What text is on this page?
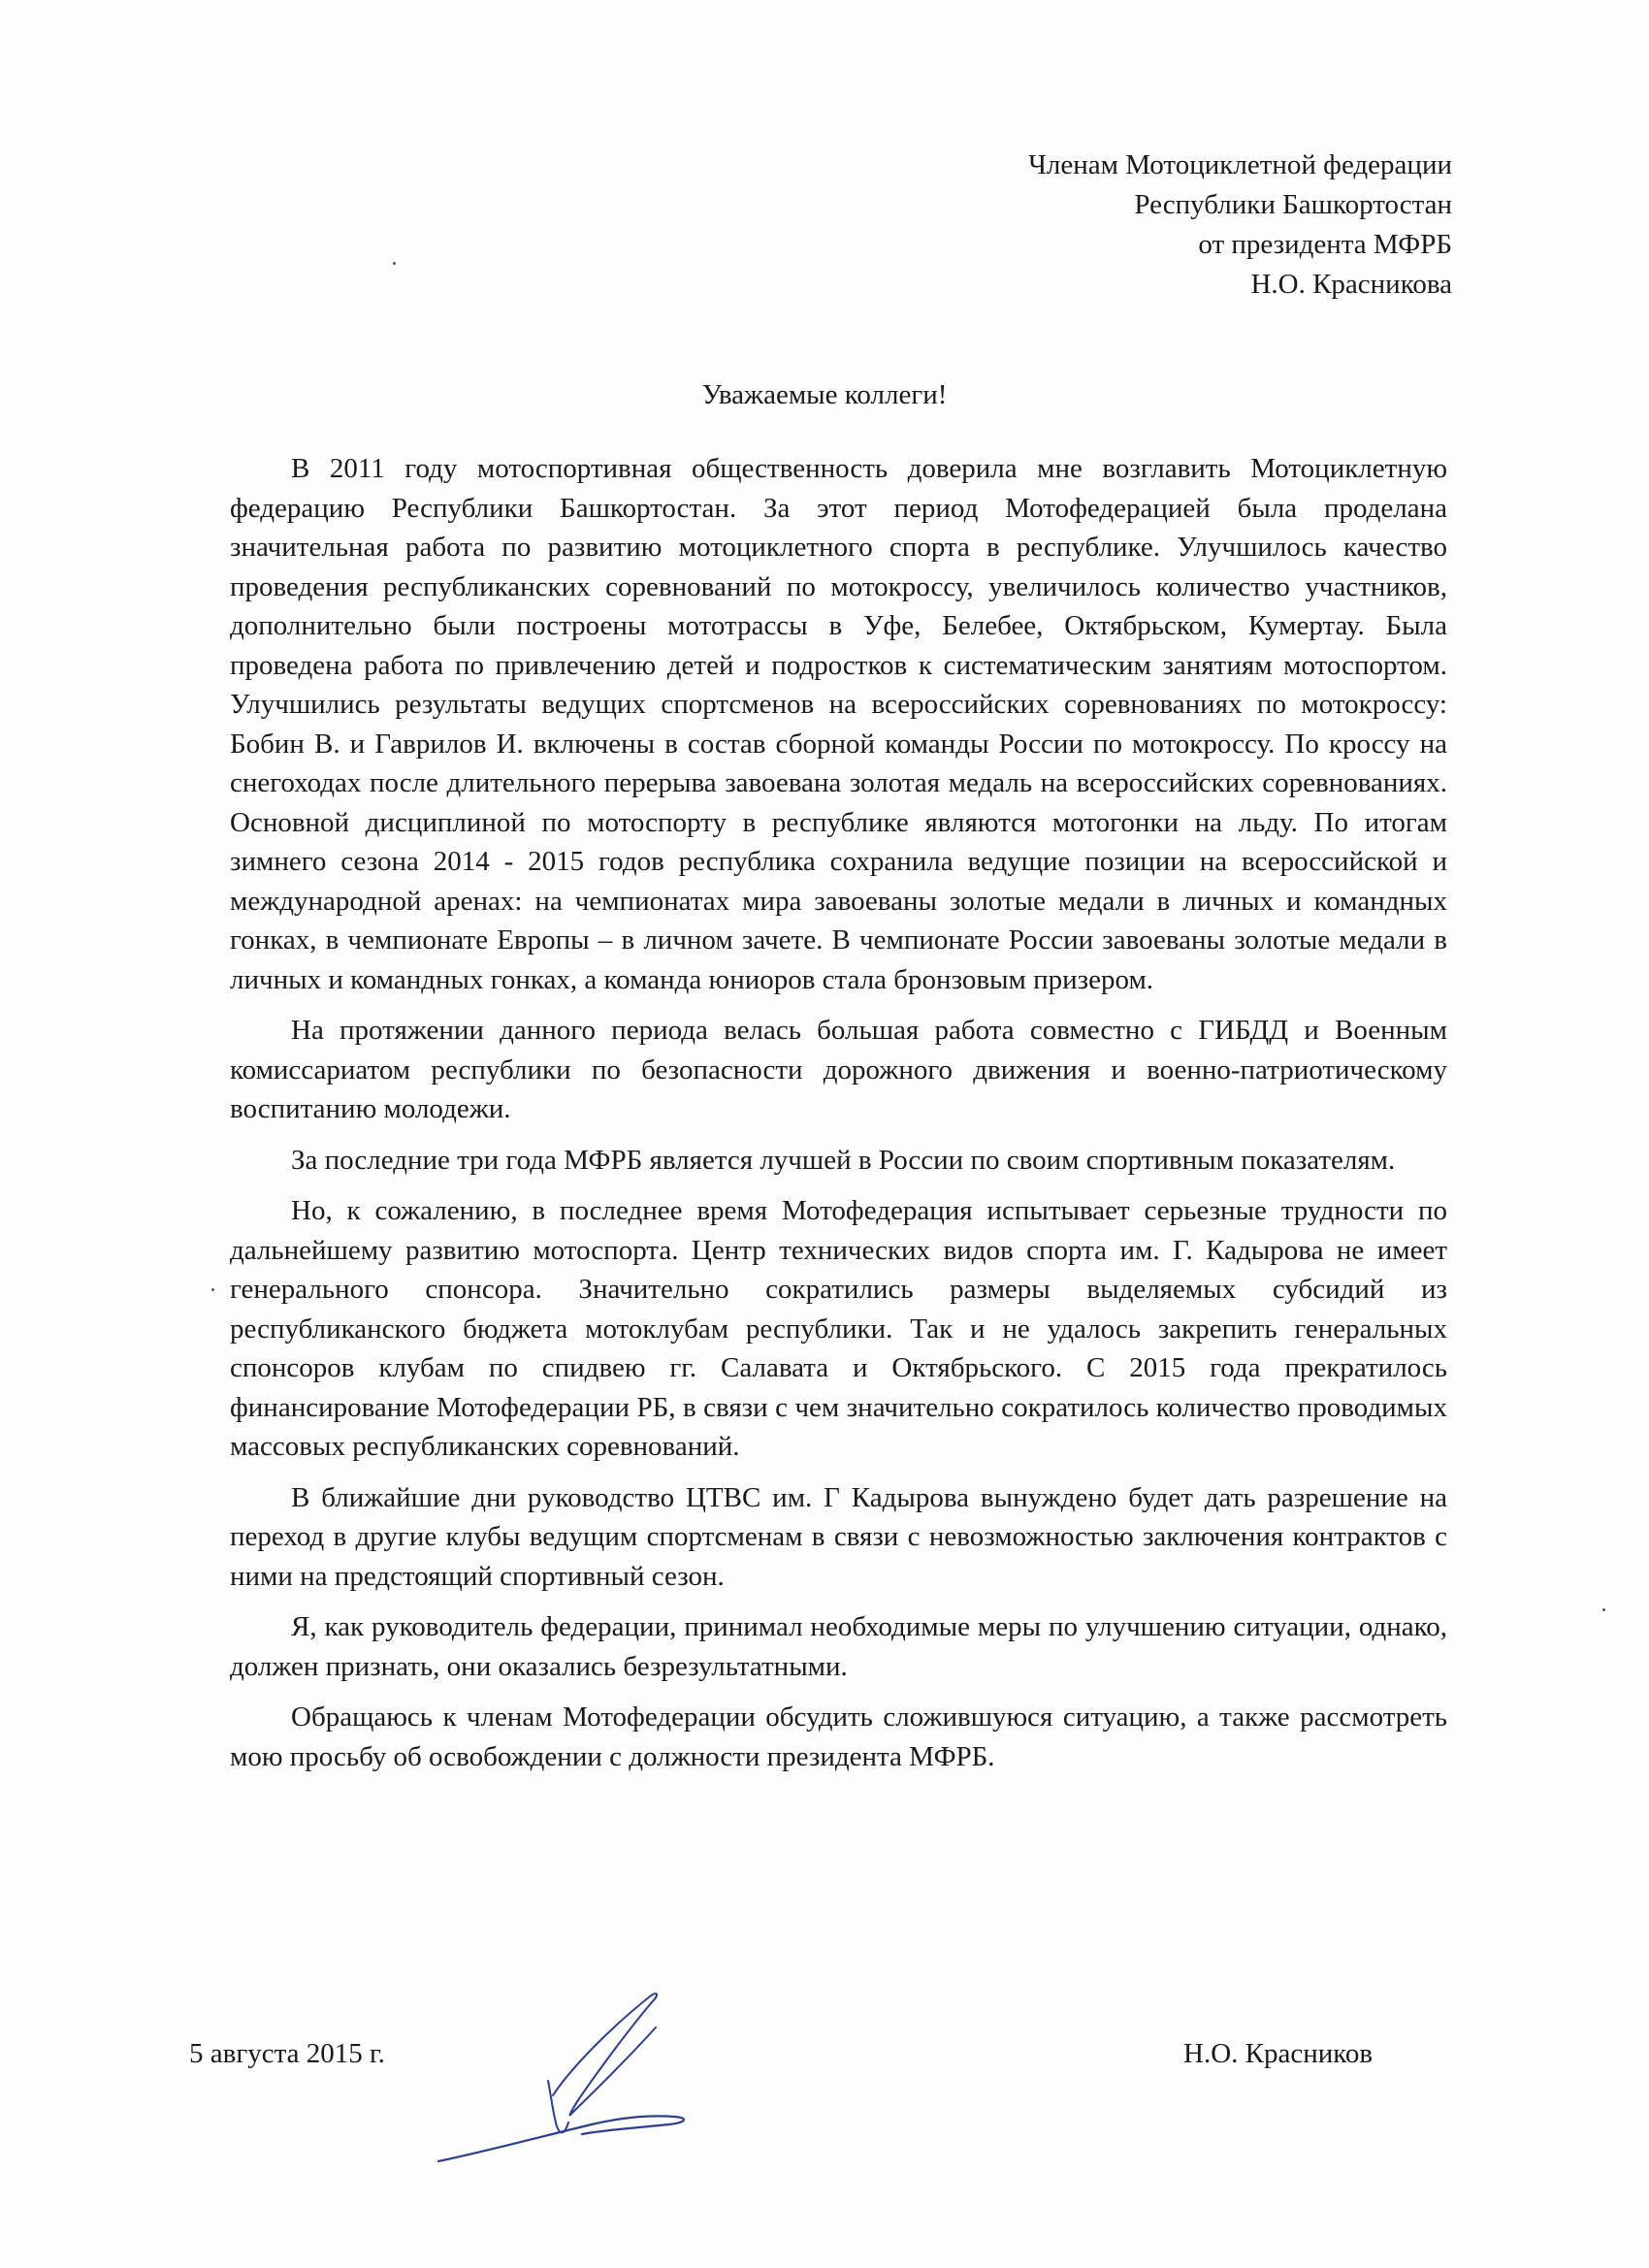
Членам Мотоциклетной федерации
Республики Башкортостан
от президента МФРБ
Н.О. Красникова
Уважаемые коллеги!

В 2011 году мотоспортивная общественность доверила мне возглавить Мотоциклетную федерацию Республики Башкортостан. За этот период Мотофедерацией была проделана значительная работа по развитию мотоциклетного спорта в республике. Улучшилось качество проведения республиканских соревнований по мотокроссу, увеличилось количество участников, дополнительно были построены мототрассы в Уфе, Белебее, Октябрьском, Кумертау. Была проведена работа по привлечению детей и подростков к систематическим занятиям мотоспортом. Улучшились результаты ведущих спортсменов на всероссийских соревнованиях по мотокроссу: Бобин В. и Гаврилов И. включены в состав сборной команды России по мотокроссу. По кроссу на снегоходах после длительного перерыва завоевана золотая медаль на всероссийских соревнованиях. Основной дисциплиной по мотоспорту в республике являются мотогонки на льду. По итогам зимнего сезона 2014 - 2015 годов республика сохранила ведущие позиции на всероссийской и международной аренах: на чемпионатах мира завоеваны золотые медали в личных и командных гонках, в чемпионате Европы – в личном зачете. В чемпионате России завоеваны золотые медали в личных и командных гонках, а команда юниоров стала бронзовым призером.

На протяжении данного периода велась большая работа совместно с ГИБДД и Военным комиссариатом республики по безопасности дорожного движения и военно-патриотическому воспитанию молодежи.

За последние три года МФРБ является лучшей в России по своим спортивным показателям.

Но, к сожалению, в последнее время Мотофедерация испытывает серьезные трудности по дальнейшему развитию мотоспорта. Центр технических видов спорта им. Г. Кадырова не имеет генерального спонсора. Значительно сократились размеры выделяемых субсидий из республиканского бюджета мотоклубам республики. Так и не удалось закрепить генеральных спонсоров клубам по спидвею гг. Салавата и Октябрьского. С 2015 года прекратилось финансирование Мотофедерации РБ, в связи с чем значительно сократилось количество проводимых массовых республиканских соревнований.

В ближайшие дни руководство ЦТВС им. Г Кадырова вынуждено будет дать разрешение на переход в другие клубы ведущим спортсменам в связи с невозможностью заключения контрактов с ними на предстоящий спортивный сезон.

Я, как руководитель федерации, принимал необходимые меры по улучшению ситуации, однако, должен признать, они оказались безрезультатными.

Обращаюсь к членам Мотофедерации обсудить сложившуюся ситуацию, а также рассмотреть мою просьбу об освобождении с должности президента МФРБ.

5 августа 2015 г.	Н.О. Красников
